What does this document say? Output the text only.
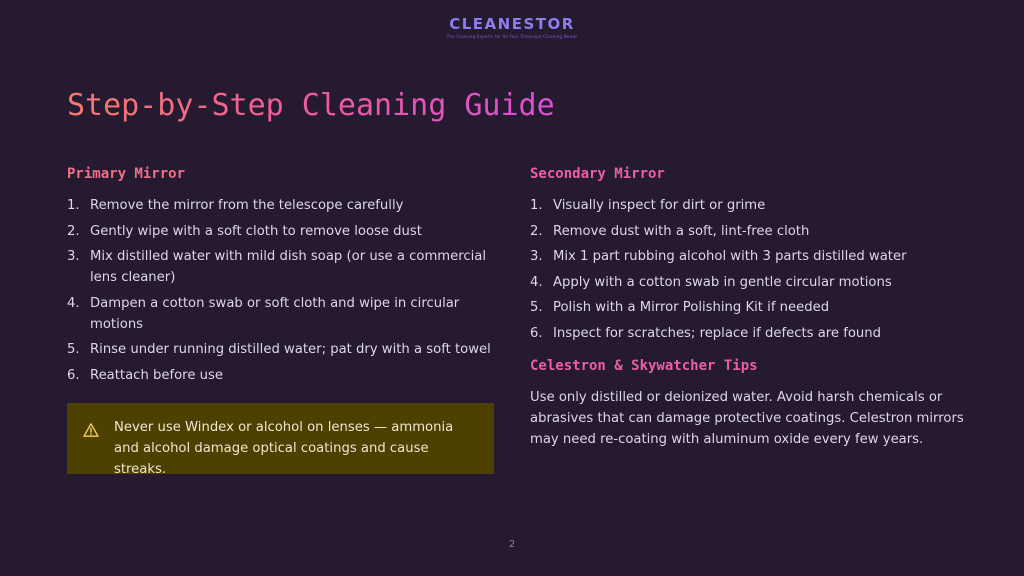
CLEANESTOR
The Cleaning Experts for All Your Telescope Cleaning Needs
Step-by-Step Cleaning Guide
Primary Mirror
1. Remove the mirror from the telescope carefully
2. Gently wipe with a soft cloth to remove loose dust
3. Mix distilled water with mild dish soap (or use a commercial lens cleaner)
4. Dampen a cotton swab or soft cloth and wipe in circular motions
5. Rinse under running distilled water; pat dry with a soft towel
6. Reattach before use
Never use Windex or alcohol on lenses — ammonia and alcohol damage optical coatings and cause streaks.
Secondary Mirror
1. Visually inspect for dirt or grime
2. Remove dust with a soft, lint-free cloth
3. Mix 1 part rubbing alcohol with 3 parts distilled water
4. Apply with a cotton swab in gentle circular motions
5. Polish with a Mirror Polishing Kit if needed
6. Inspect for scratches; replace if defects are found
Celestron & Skywatcher Tips

Use only distilled or deionized water. Avoid harsh chemicals or abrasives that can damage protective coatings. Celestron mirrors may need re-coating with aluminum oxide every few years.

2
